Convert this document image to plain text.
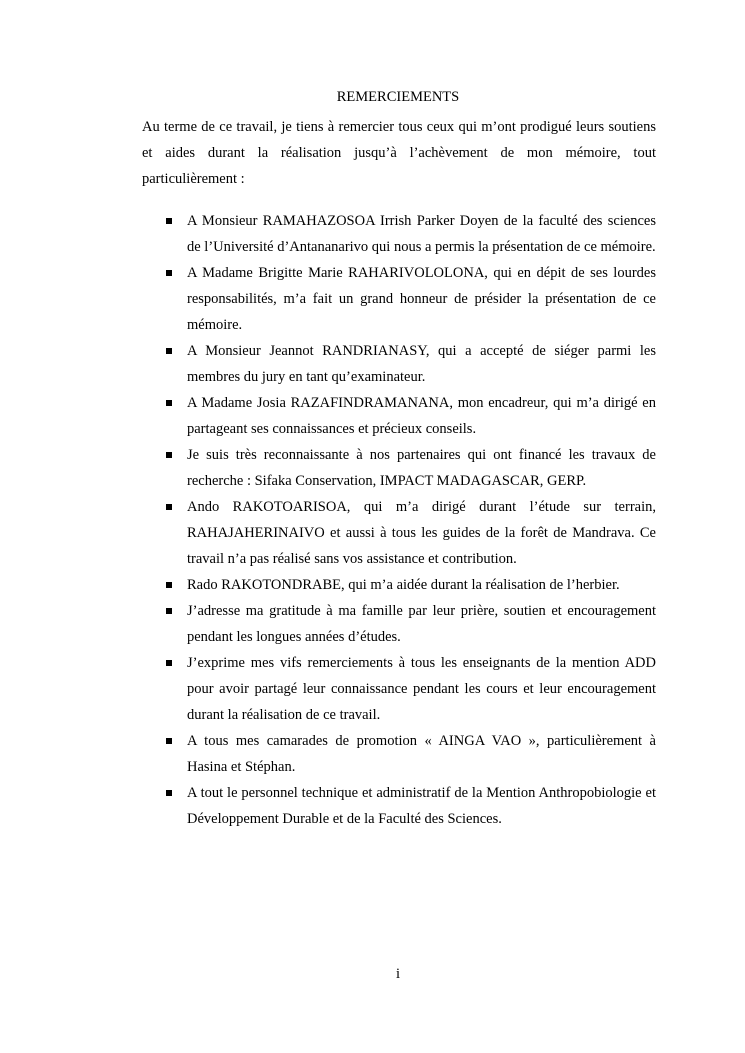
REMERCIEMENTS

Au terme de ce travail, je tiens à remercier tous ceux qui m’ont prodigué leurs soutiens et aides durant la réalisation jusqu’à l’achèvement de mon mémoire, tout particulièrement :

A Monsieur RAMAHAZOSOA Irrish Parker Doyen de la faculté des sciences de l’Université d’Antananarivo qui nous a permis la présentation de ce mémoire.
A Madame Brigitte Marie RAHARIVOLOLONA, qui en dépit de ses lourdes responsabilités, m’a fait un grand honneur de présider la présentation de ce mémoire.
A Monsieur Jeannot RANDRIANASY, qui a accepté de siéger parmi les membres du jury en tant qu’examinateur.
A Madame Josia RAZAFINDRAMANANA, mon encadreur, qui m’a dirigé en partageant ses connaissances et précieux conseils.
Je suis très reconnaissante à nos partenaires qui ont financé les travaux de recherche : Sifaka Conservation, IMPACT MADAGASCAR, GERP.
Ando RAKOTOARISOA, qui m’a dirigé durant l’étude sur terrain, RAHAJAHERINAIVO et aussi à tous les guides de la forêt de Mandrava. Ce travail n’a pas réalisé sans vos assistance et contribution.
Rado RAKOTONDRABE, qui m’a aidée durant la réalisation de l’herbier.
J’adresse ma gratitude à ma famille par leur prière, soutien et encouragement pendant les longues années d’études.
J’exprime mes vifs remerciements à tous les enseignants de la mention ADD pour avoir partagé leur connaissance pendant les cours et leur encouragement durant la réalisation de ce travail.
A tous mes camarades de promotion « AINGA VAO », particulièrement à Hasina et Stéphan.
A tout le personnel technique et administratif de la Mention Anthropobiologie et Développement Durable et de la Faculté des Sciences.
i
